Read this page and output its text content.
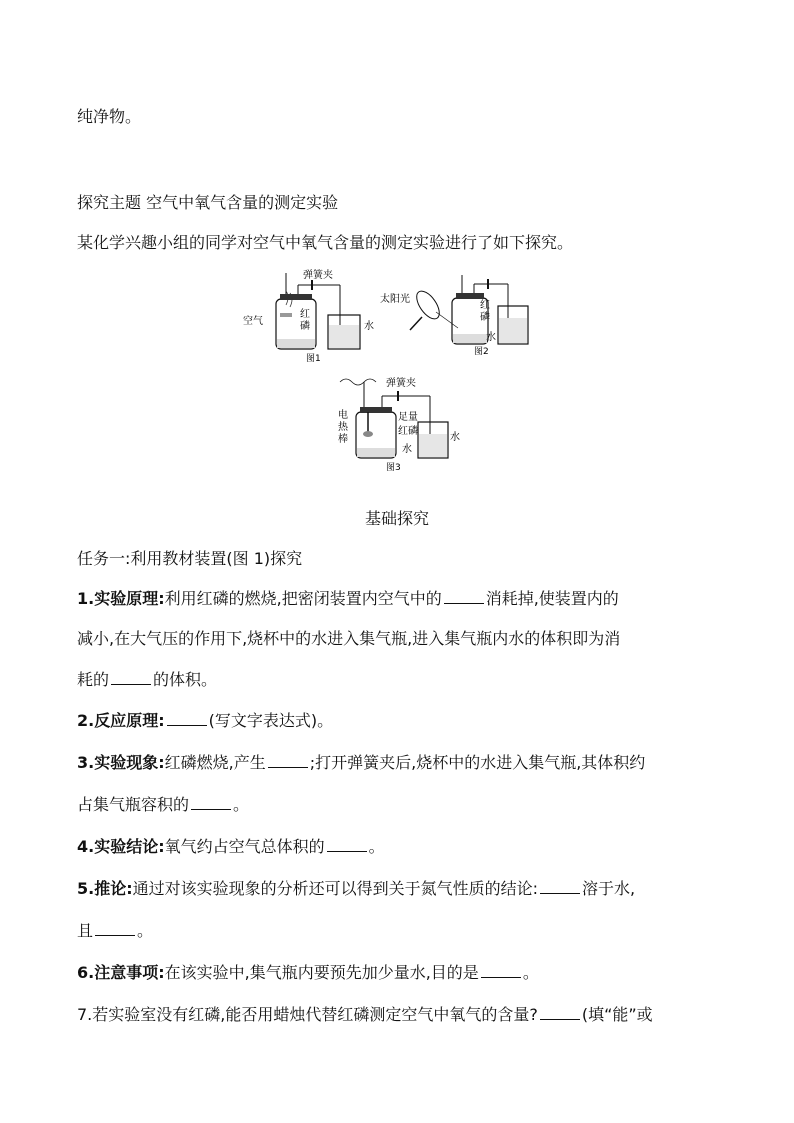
纯净物。
探究主题 空气中氧气含量的测定实验
某化学兴趣小组的同学对空气中氧气含量的测定实验进行了如下探究。
弹簧夹
空气
红
磷	水
图1
太阳光
红
磷
水
图2
弹簧夹
电
热
棒
足量
红磷
水
水
图3
基础探究
任务一:利用教材装置(图 1)探究
1.实验原理:利用红磷的燃烧,把密闭装置内空气中的	消耗掉,使装置内的
减小,在大气压的作用下,烧杯中的水进入集气瓶,进入集气瓶内水的体积即为消
耗的	的体积。
2.反应原理:	(写文字表达式)。
3.实验现象:红磷燃烧,产生	;打开弹簧夹后,烧杯中的水进入集气瓶,其体积约
占集气瓶容积的	。
4.实验结论:氧气约占空气总体积的	。
5.推论:通过对该实验现象的分析还可以得到关于氮气性质的结论:	溶于水,
且	。
6.注意事项:在该实验中,集气瓶内要预先加少量水,目的是	。
7.若实验室没有红磷,能否用蜡烛代替红磷测定空气中氧气的含量?	(填“能”或
